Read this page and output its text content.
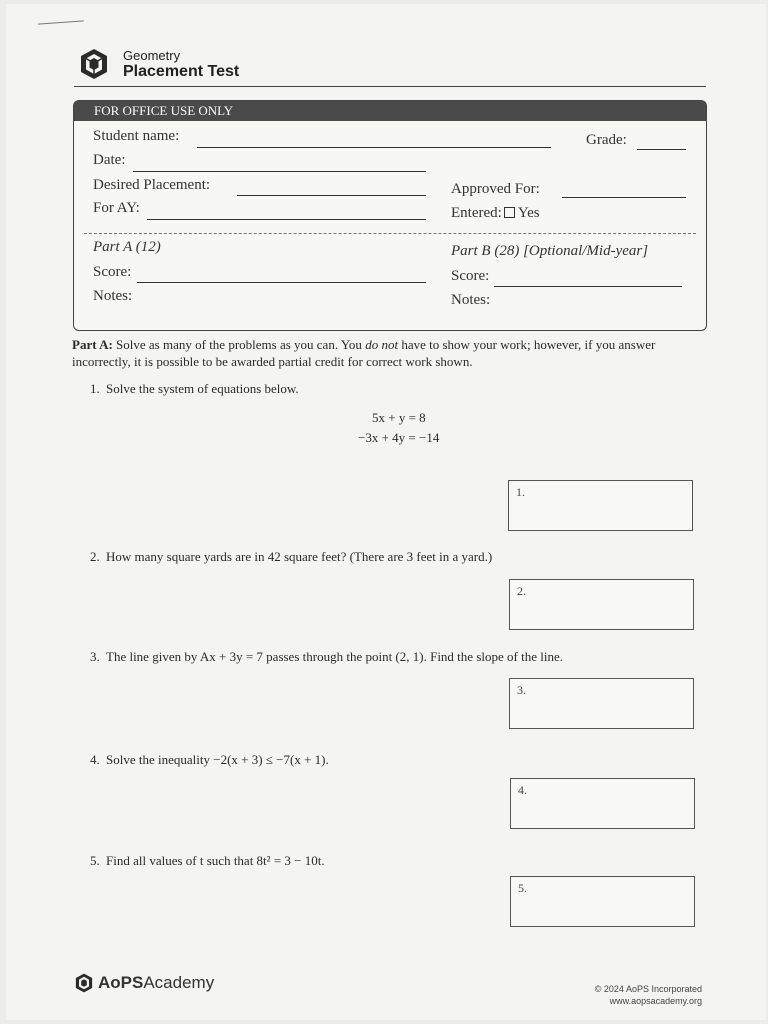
Geometry
Placement Test
FOR OFFICE USE ONLY
Student name:	Grade:
Date:
Desired Placement:	Approved For:
For AY:	Entered: Yes
Part A (12)	Part B (28) [Optional/Mid-year]
Score:	Score:
Notes:	Notes:
Part A: Solve as many of the problems as you can. You do not have to show your work; however, if you answer incorrectly, it is possible to be awarded partial credit for correct work shown.
1. Solve the system of equations below.
5x + y = 8
−3x + 4y = −14
1.
2. How many square yards are in 42 square feet? (There are 3 feet in a yard.)
2.
3. The line given by Ax + 3y = 7 passes through the point (2, 1). Find the slope of the line.
3.
4. Solve the inequality −2(x + 3) ≤ −7(x + 1).
4.
5. Find all values of t such that 8t² = 3 − 10t.
5.
AoPSAcademy	© 2024 AoPS Incorporated
www.aopsacademy.org
